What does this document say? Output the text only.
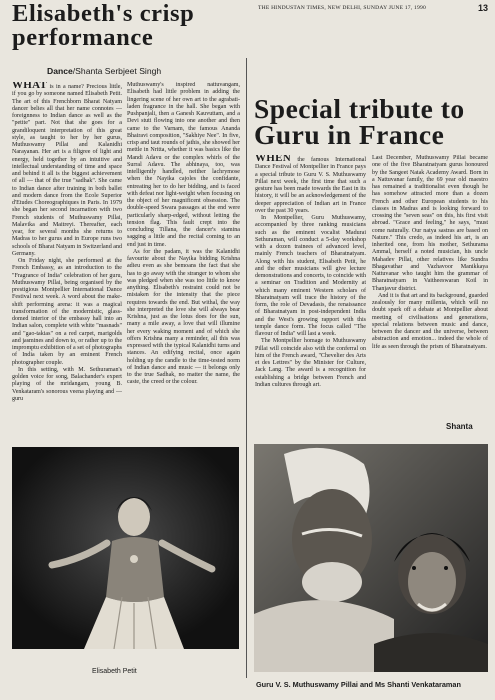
THE HINDUSTAN TIMES, NEW DELHI, SUNDAY JUNE 17, 1990	13
Elisabeth's crisp
performance
Dance/Shanta Serbjeet Singh

WHAT is in a name? Precious little, if you go by someone named Elisabeth Petit. The art of this Frenchborn Bharat Natyam dancer belies all that her name connotes — foreignness to Indian dance as well as the "petite" part. Not that she goes for a grandiloquent interpretation of this great style, as taught to her by her gurus, Muthuswamy Pillai and Kalanidhi Narayanan. Her art is a filigree of light and energy, held together by an intuitive and intellectual understanding of time and space and behind it all is the biggest achievement of all — that of the true "sadhak". She came to Indian dance after training in both ballet and modern dance from the Ecole Superior d'Etudes Choreographiques in Paris. In 1979 she began her second incarnation with two French students of Muthuswamy Pillai, Malavika and Maitreyi. Thereafter, each year, for several months she returns to Madras to her gurus and in Europe runs two schools of Bharat Natyam in Switzerland and Germany.

On Friday night, she performed at the French Embassy, as an introduction to the "Fragrance of India" celebration of her guru, Muthuswamy Pillai, being organised by the prestigious Montpellier International Dance Festival next week. A word about the make-shift performing arena: it was a magical transformation of the modernistic, glass-domed interior of the embassy hall into an Indian salon, complete with white "masnads" and "gao-takias" on a red carpet, marigolds and jasmines and down to, or rather up to the impromptu exhibition of a set of photographs of India taken by an eminent French photographer couple.

In this setting, with M. Sethuraman's golden voice for song, Balachander's expert playing of the mridangam, young B. Venkataram's sonorous veena playing and — guru

Muthuswamy's inspired nattuvangam, Elisabeth had little problem in adding the lingering scene of her own art to the agrabati-laden fragrance in the hall. She began with Pushpanjali, then a Ganesh Kauvuttam, and a Devi stuti flowing into one another and then came to the Varnam, the famous Ananda Bhairavi composition, "Sakhiye Nee". In five, crisp and taut rounds of jathis, she showed her mettle in Nritta, whether it was basics like the Mandi Adavu or the complex whirls of the Surral Adavu. The abhinaya, too, was intelligently handled, neither lachrymose when the Nayika cajoles the confidante, entreating her to do her bidding, and is faced with defeat nor light-weight when focusing on the object of her magnificent obsession. The double-speed Swara passages at the end were particularly sharp-edged, without letting the tension flag. This fault crept into the concluding Tillana, the dancer's stamina sagging a little and the recital coming to an end just in time.

As for the padam, it was the Kalanidhi favourite about the Nayika bidding Krishna adieu even as she bemoans the fact that she has to go away with the stranger to whom she was pledged when she was too little to know anything. Elisabeth's restraint could not be mistaken for the intensity that the piece requires towards the end. But withal, the way she interpreted the love she will always bear Krishna, just as the lotus does for the sun, many a mile away, a love that will illumine her every waking moment and of which she offers Krishna many a reminder, all this was expressed with the typical Kalanidhi turns and stances. An edifying recital, once again holding up the candle to the time-tested norm of Indian dance and music — it belongs only to the true Sadhak, no matter the name, the caste, the creed or the colour.

Elisabeth Petit
Special tribute to
Guru in France

WHEN the famous International Dance Festival of Montpellier in France pays a special tribute to Guru V. S. Muthuswamy Pillai next week, the first time that such a gesture has been made towards the East in its history, it will be an acknowledgement of the deeper appreciation of Indian art in France over the past 30 years.

In Montpellier, Guru Muthuswamy, accompanied by three ranking musicians such as the eminent vocalist Madurai Sethuraman, will conduct a 5-day workshop with a dozen trainees of advanced level, mainly French teachers of Bharatnatyam. Along with his student, Elisabeth Petit, he and the other musicians will give lecture demonstrations and concerts, to coincide with a seminar on Tradition and Modernity at which many eminent Western scholars of Bharatnatyam will trace the history of the form, the role of Devadasis, the renaissance of Bharatnatyam in post-independent India and the West's growing rapport with this temple dance form. The focus called "The flavour of India" will last a week.

The Montpellier homage to Muthuswamy Pillai will coincide also with the conferral on him of the French award, "Chevelier des Arts et des Lettres" by the Minister for Culture, Jack Lang. The award is a recognition for establishing a bridge between French and Indian cultures through art.

Last December, Muthuswamy Pillai became one of the five Bharatnatyam gurus honoured by the Sangeet Natak Academy Award. Born in a Nattuvanar family, the 69 year old maestro has remained a traditionalist even though he has somehow attracted more than a dozen French and other European students to his classes in Madras and is looking forward to crossing the "seven seas" on this, his first visit abroad. "Grace and feeling," he says, "must come naturally. Our natya sastras are based on Nature." This credo, as indeed his art, is an inherited one, from his mother, Sethurama Ammal, herself a noted musician, his uncle Mahadev Pillai, other relatives like Sundra Bhagavathar and Vazhavoor Manikkaya Nattuvanar who taught him the grammar of Bharatnatyam in Vaitheeswaran Koil in Thanjavur district.

And it is that art and its background, guarded zealously for many millenia, which will no doubt spark off a debate at Montpellier about meeting of civilisations and generations, special relations between music and dance, between the dancer and the universe, between abstraction and emotion... indeed the whole of life as seen through the prism of Bharatnatyam.

Shanta
Guru V. S. Muthuswamy Pillai and Ms Shanti Venkataraman
